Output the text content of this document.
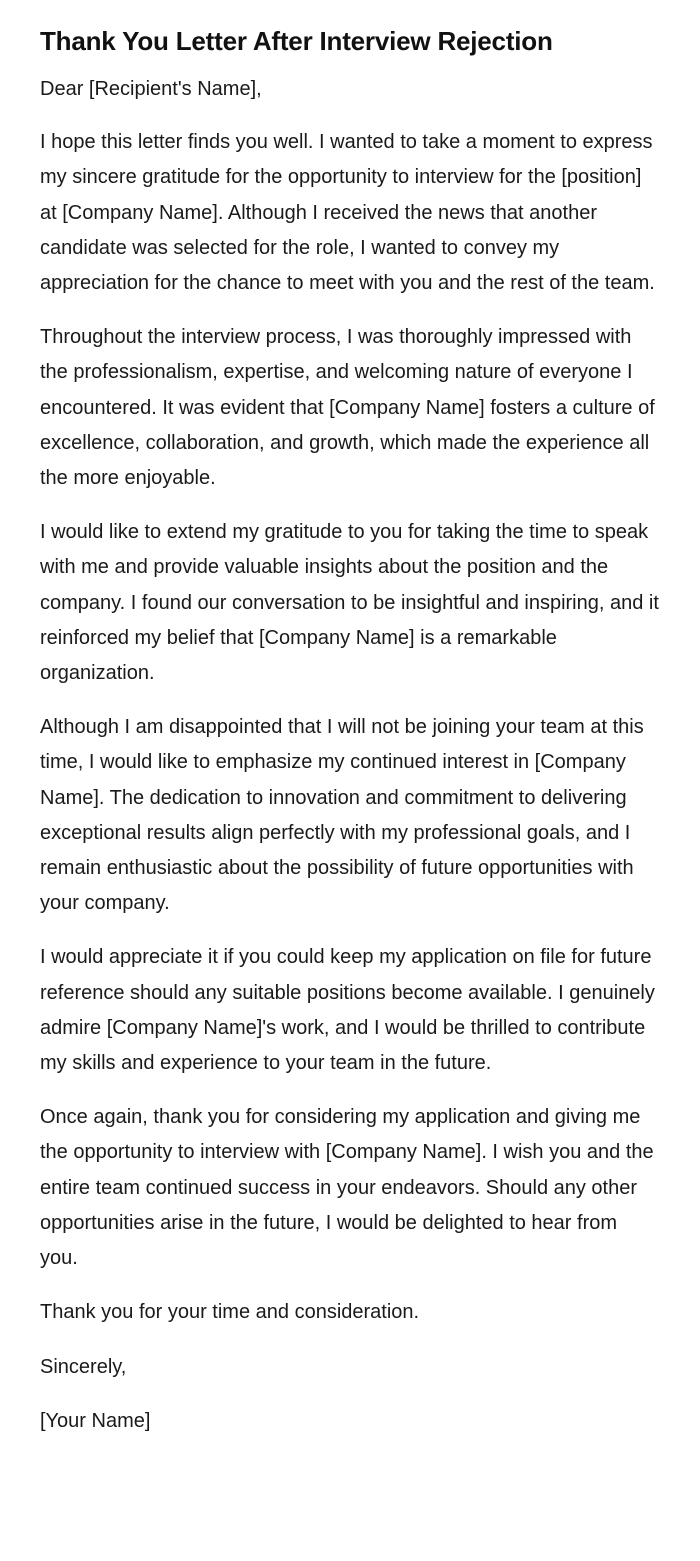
Thank You Letter After Interview Rejection

Dear [Recipient's Name],

I hope this letter finds you well. I wanted to take a moment to express my sincere gratitude for the opportunity to interview for the [position] at [Company Name]. Although I received the news that another candidate was selected for the role, I wanted to convey my appreciation for the chance to meet with you and the rest of the team.

Throughout the interview process, I was thoroughly impressed with the professionalism, expertise, and welcoming nature of everyone I encountered. It was evident that [Company Name] fosters a culture of excellence, collaboration, and growth, which made the experience all the more enjoyable.

I would like to extend my gratitude to you for taking the time to speak with me and provide valuable insights about the position and the company. I found our conversation to be insightful and inspiring, and it reinforced my belief that [Company Name] is a remarkable organization.

Although I am disappointed that I will not be joining your team at this time, I would like to emphasize my continued interest in [Company Name]. The dedication to innovation and commitment to delivering exceptional results align perfectly with my professional goals, and I remain enthusiastic about the possibility of future opportunities with your company.

I would appreciate it if you could keep my application on file for future reference should any suitable positions become available. I genuinely admire [Company Name]'s work, and I would be thrilled to contribute my skills and experience to your team in the future.

Once again, thank you for considering my application and giving me the opportunity to interview with [Company Name]. I wish you and the entire team continued success in your endeavors. Should any other opportunities arise in the future, I would be delighted to hear from you.

Thank you for your time and consideration.

Sincerely,

[Your Name]
